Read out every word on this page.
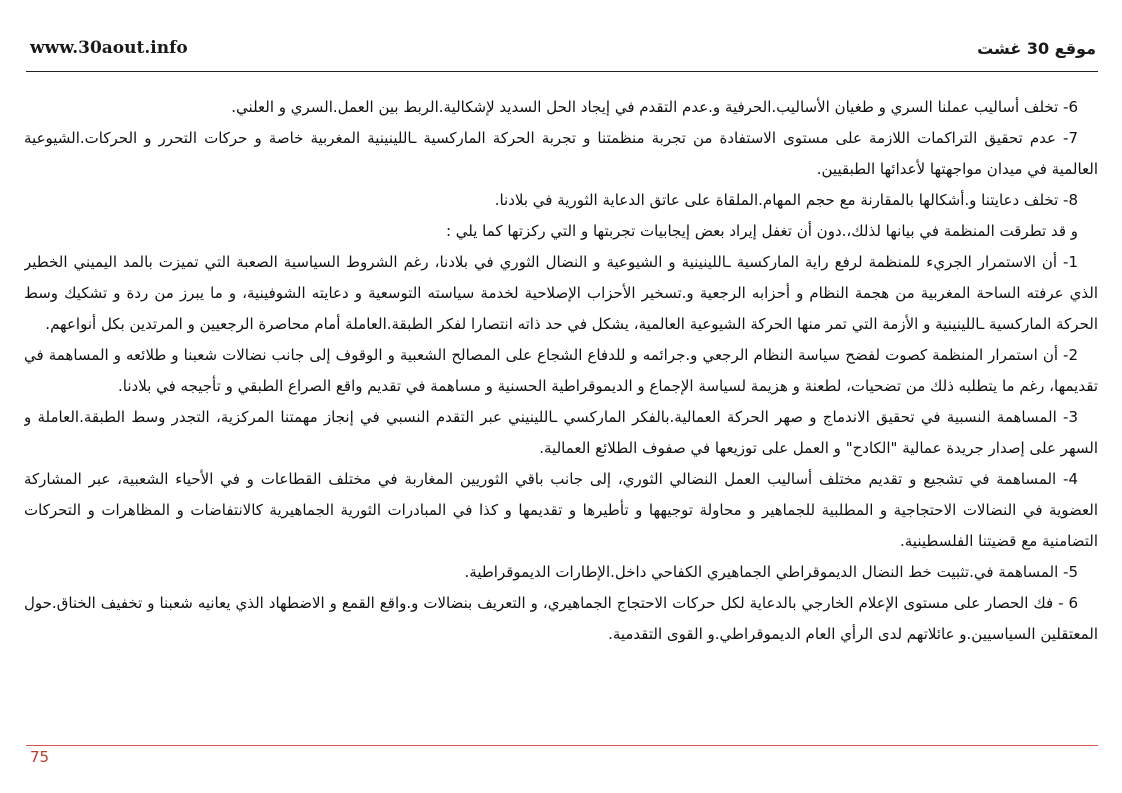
www.30aout.info	موقع 30 غشت

6- تخلف أساليب عملنا السري و طغيان الأساليب.الحرفية و.عدم التقدم في إيجاد الحل السديد لإشكالية.الربط بين العمل.السري و العلني.

7- عدم تحقيق التراكمات اللازمة على مستوى الاستفادة من تجربة منظمتنا و تجربة الحركة الماركسية ـاللينينية المغربية خاصة و حركات التحرر و الحركات.الشيوعية العالمية في ميدان مواجهتها لأعدائها الطبقيين.

8- تخلف دعايتنا و.أشكالها بالمقارنة مع حجم المهام.الملقاة على عاتق الدعاية الثورية في بلادنا.

و قد تطرقت المنظمة في بيانها لذلك،.دون أن تغفل إيراد بعض إيجابيات تجربتها و التي ركزتها كما يلي :

1- أن الاستمرار الجريء للمنظمة لرفع راية الماركسية ـاللينينية و الشيوعية و النضال الثوري في بلادنا، رغم الشروط السياسية الصعبة التي تميزت بالمد اليميني الخطير الذي عرفته الساحة المغربية من هجمة النظام و أحزابه الرجعية و.تسخير الأحزاب الإصلاحية لخدمة سياسته التوسعية و دعايته الشوفينية، و ما يبرز من ردة و تشكيك وسط الحركة الماركسية ـاللينينية و الأزمة التي تمر منها الحركة الشيوعية العالمية، يشكل في حد ذاته انتصارا لفكر الطبقة.العاملة أمام محاصرة الرجعيين و المرتدين بكل أنواعهم.

2- أن استمرار المنظمة كصوت لفضح سياسة النظام الرجعي و.جرائمه و للدفاع الشجاع على المصالح الشعبية و الوقوف إلى جانب نضالات شعبنا و طلائعه و المساهمة في تقديمها، رغم ما يتطلبه ذلك من تضحيات، لطعنة و هزيمة لسياسة الإجماع و الديموقراطية الحسنية و مساهمة في تقديم واقع الصراع الطبقي و تأجيجه في بلادنا.

3- المساهمة النسبية في تحقيق الاندماج و صهر الحركة العمالية.بالفكر الماركسي ـاللينيني عبر التقدم النسبي في إنجاز مهمتنا المركزية، التجدر وسط الطبقة.العاملة و السهر على إصدار جريدة عمالية "الكادح" و العمل على توزيعها في صفوف الطلائع العمالية.

4- المساهمة في تشجيع و تقديم مختلف أساليب العمل النضالي الثوري، إلى جانب باقي الثوريين المغاربة في مختلف القطاعات و في الأحياء الشعبية، عبر المشاركة العضوية في النضالات الاحتجاجية و المطلبية للجماهير و محاولة توجيهها و تأطيرها و تقديمها و كذا في المبادرات الثورية الجماهيرية كالانتفاضات و المظاهرات و التحركات التضامنية مع قضيتنا الفلسطينية.

5- المساهمة في.تثبيت خط النضال الديموقراطي الجماهيري الكفاحي داخل.الإطارات الديموقراطية.

6 - فك الحصار على مستوى الإعلام الخارجي بالدعاية لكل حركات الاحتجاج الجماهيري، و التعريف بنضالات و.واقع القمع و الاضطهاد الذي يعانيه شعبنا و تخفيف الخناق.حول المعتقلين السياسيين.و عائلاتهم لدى الرأي العام الديموقراطي.و القوى التقدمية.

75
